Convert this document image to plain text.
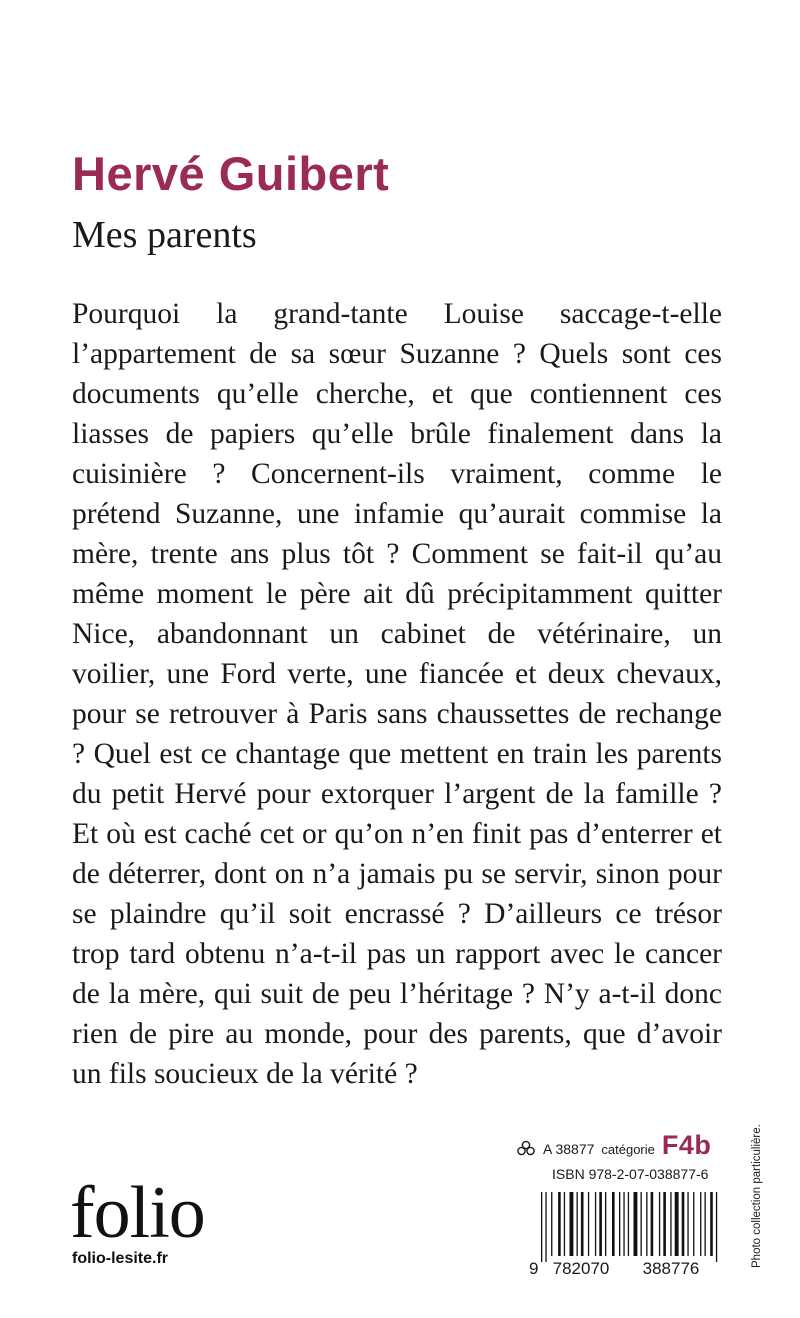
Hervé Guibert
Mes parents

Pourquoi la grand-tante Louise saccage-t-elle l’appartement de sa sœur Suzanne ? Quels sont ces documents qu’elle cherche, et que contiennent ces liasses de papiers qu’elle brûle finalement dans la cuisinière ? Concernent-ils vraiment, comme le prétend Suzanne, une infamie qu’aurait commise la mère, trente ans plus tôt ? Comment se fait-il qu’au même moment le père ait dû précipitamment quitter Nice, abandonnant un cabinet de vétérinaire, un voilier, une Ford verte, une fiancée et deux chevaux, pour se retrouver à Paris sans chaussettes de rechange ? Quel est ce chantage que mettent en train les parents du petit Hervé pour extorquer l’argent de la famille ? Et où est caché cet or qu’on n’en finit pas d’enterrer et de déterrer, dont on n’a jamais pu se servir, sinon pour se plaindre qu’il soit encrassé ? D’ailleurs ce trésor trop tard obtenu n’a-t-il pas un rapport avec le cancer de la mère, qui suit de peu l’héritage ? N’y a-t-il donc rien de pire au monde, pour des parents, que d’avoir un fils soucieux de la vérité ?

Photo collection particulière.
A 38877 catégorie F4b
ISBN 978-2-07-038877-6
folio
folio-lesite.fr
9 782070 388776
